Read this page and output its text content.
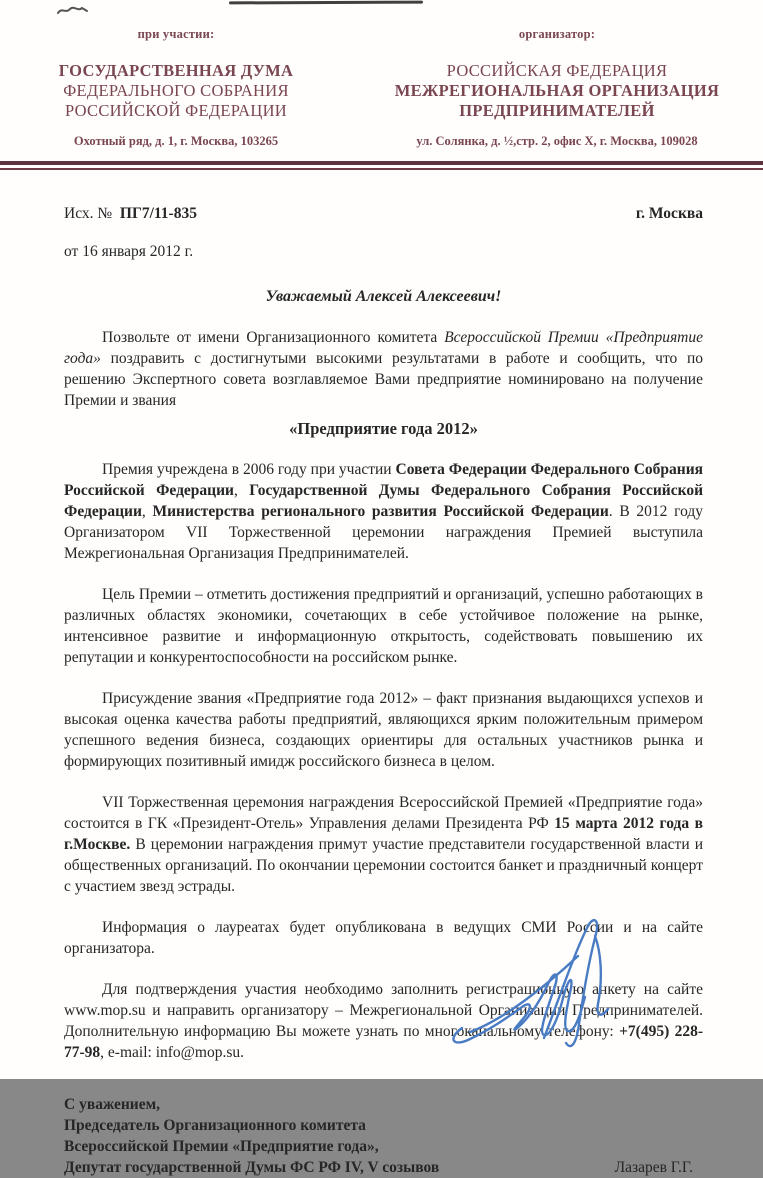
при участии:
ГОСУДАРСТВЕННАЯ ДУМА
ФЕДЕРАЛЬНОГО СОБРАНИЯ
РОССИЙСКОЙ ФЕДЕРАЦИИ
Охотный ряд, д. 1, г. Москва, 103265
организатор:
РОССИЙСКАЯ ФЕДЕРАЦИЯ
МЕЖРЕГИОНАЛЬНАЯ ОРГАНИЗАЦИЯ
ПРЕДПРИНИМАТЕЛЕЙ
ул. Солянка, д. ½,стр. 2, офис X, г. Москва, 109028
Исх. №  ПГ7/11-835	г. Москва
от 16 января 2012 г.
Уважаемый Алексей Алексеевич!

Позвольте от имени Организационного комитета Всероссийской Премии «Предприятие года» поздравить с достигнутыми высокими результатами в работе и сообщить, что по решению Экспертного совета возглавляемое Вами предприятие номинировано на получение Премии и звания

«Предприятие года 2012»

Премия учреждена в 2006 году при участии Совета Федерации Федерального Собрания Российской Федерации, Государственной Думы Федерального Собрания Российской Федерации, Министерства регионального развития Российской Федерации. В 2012 году Организатором VII Торжественной церемонии награждения Премией выступила Межрегиональная Организация Предпринимателей.

Цель Премии – отметить достижения предприятий и организаций, успешно работающих в различных областях экономики, сочетающих в себе устойчивое положение на рынке, интенсивное развитие и информационную открытость, содействовать повышению их репутации и конкурентоспособности на российском рынке.

Присуждение звания «Предприятие года 2012» – факт признания выдающихся успехов и высокая оценка качества работы предприятий, являющихся ярким положительным примером успешного ведения бизнеса, создающих ориентиры для остальных участников рынка и формирующих позитивный имидж российского бизнеса в целом.

VII Торжественная церемония награждения Всероссийской Премией «Предприятие года» состоится в ГК «Президент-Отель» Управления делами Президента РФ 15 марта 2012 года в г.Москве. В церемонии награждения примут участие представители государственной власти и общественных организаций. По окончании церемонии состоится банкет и праздничный концерт с участием звезд эстрады.

Информация о лауреатах будет опубликована в ведущих СМИ России и на сайте организатора.

Для подтверждения участия необходимо заполнить регистрационную анкету на сайте www.mop.su и направить организатору – Межрегиональной Организации Предпринимателей. Дополнительную информацию Вы можете узнать по многоканальному телефону: +7(495) 228-77-98, e-mail: info@mop.su.

С уважением,
Председатель Организационного комитета
Всероссийской Премии «Предприятие года»,
Депутат государственной Думы ФС РФ IV, V созывов	Лазарев Г.Г.
